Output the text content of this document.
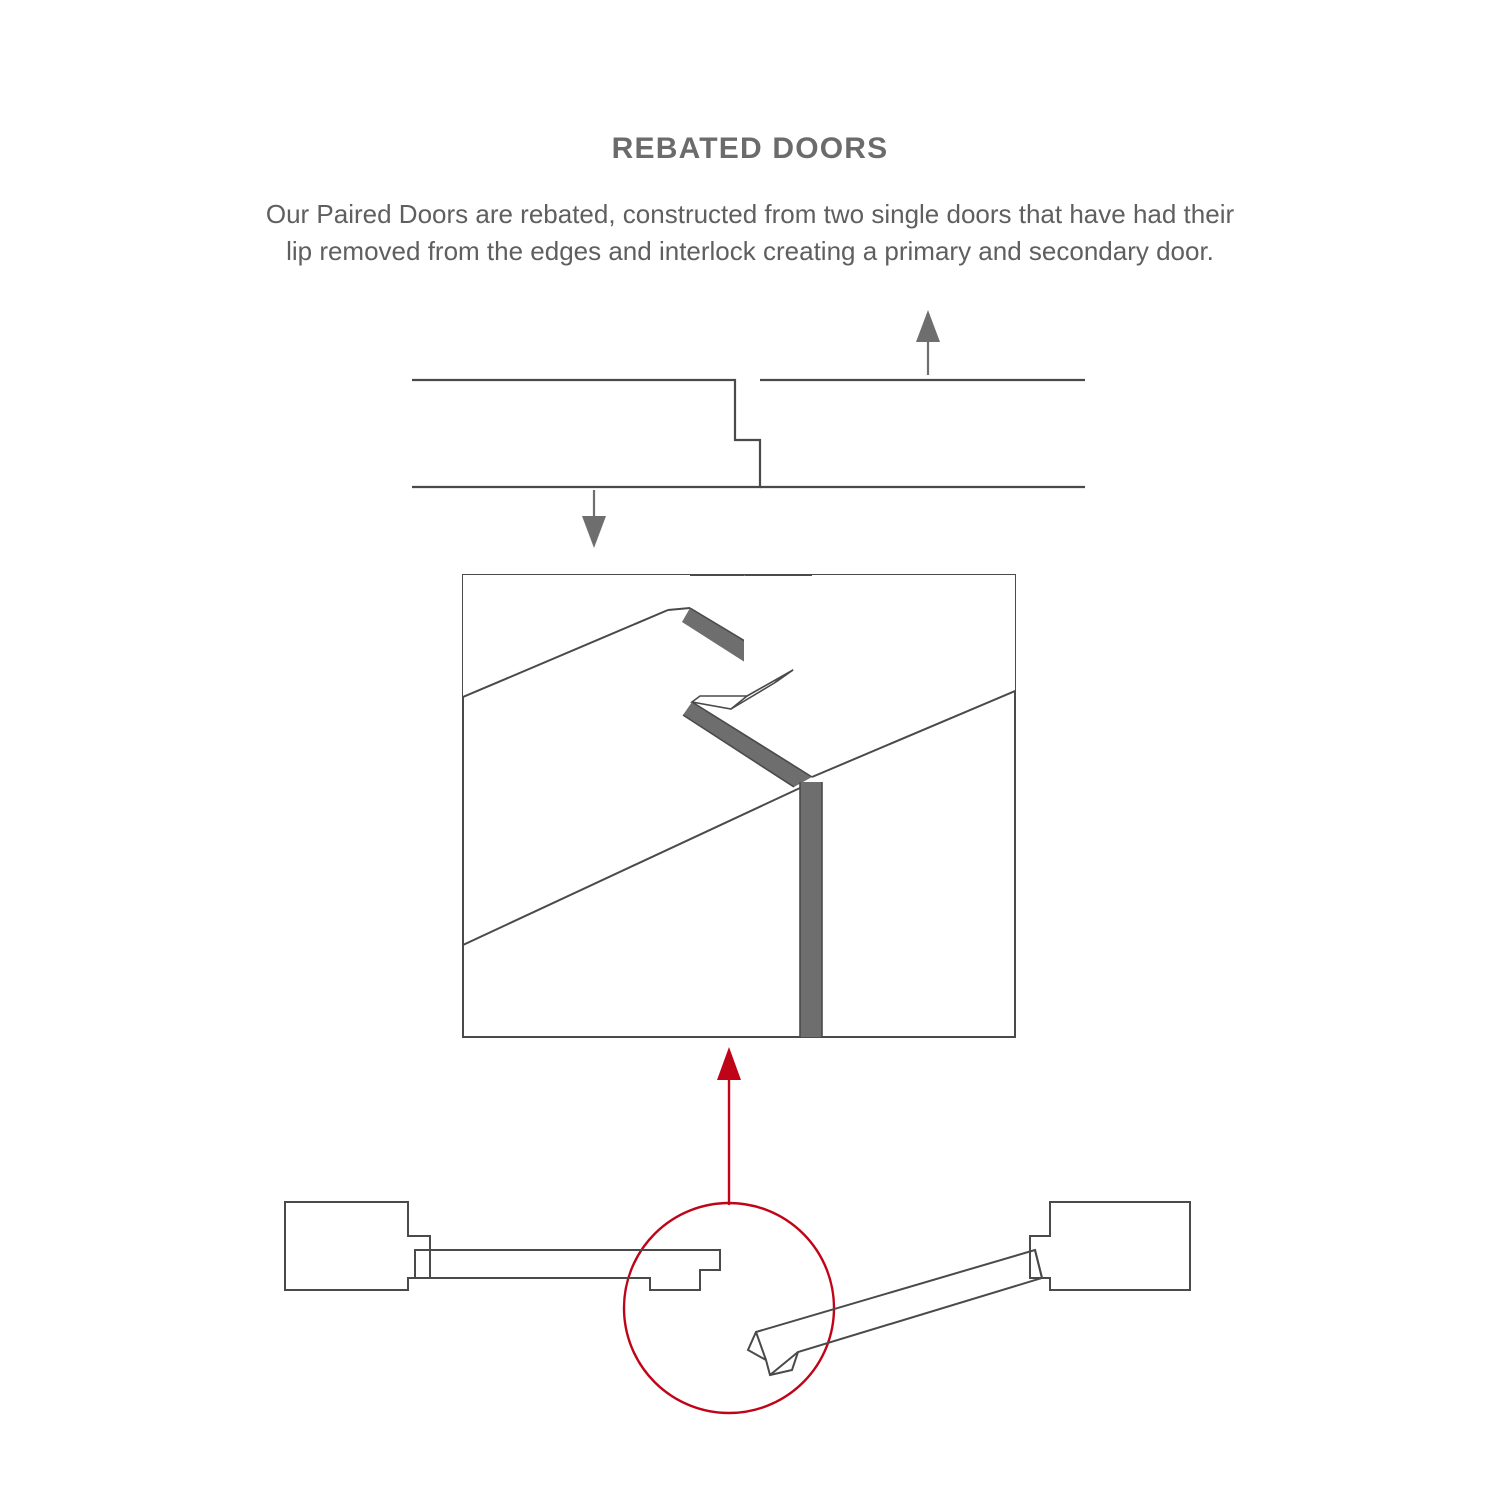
REBATED DOORS
Our Paired Doors are rebated, constructed from two single doors that have had their lip removed from the edges and interlock creating a primary and secondary door.
